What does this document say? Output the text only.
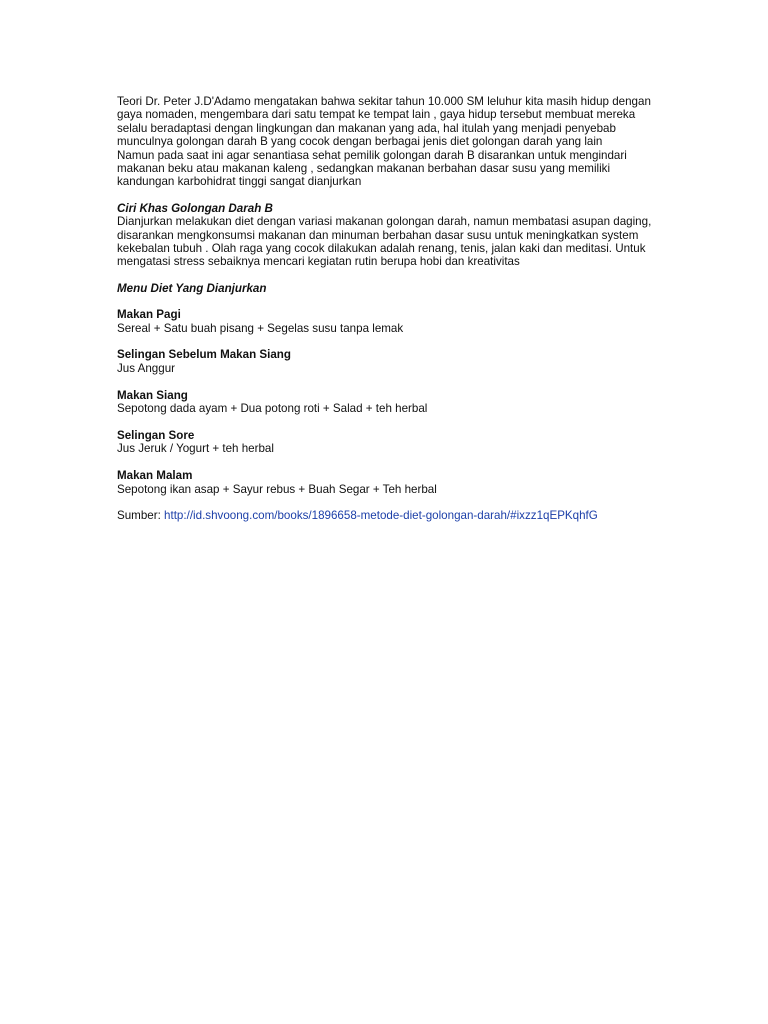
Teori Dr. Peter J.D'Adamo mengatakan bahwa sekitar tahun 10.000 SM leluhur kita masih hidup dengan gaya nomaden, mengembara dari satu tempat ke tempat lain , gaya hidup tersebut membuat mereka selalu beradaptasi dengan lingkungan dan makanan yang ada, hal itulah yang menjadi penyebab munculnya golongan darah B yang cocok dengan berbagai jenis diet golongan darah yang lain

Namun pada saat ini agar senantiasa sehat pemilik golongan darah B disarankan untuk mengindari makanan beku atau makanan kaleng , sedangkan makanan berbahan dasar susu yang memiliki kandungan karbohidrat tinggi sangat dianjurkan

Ciri Khas Golongan Darah B

Dianjurkan melakukan diet dengan variasi makanan golongan darah, namun membatasi asupan daging, disarankan mengkonsumsi makanan dan minuman berbahan dasar susu untuk meningkatkan system kekebalan tubuh . Olah raga yang cocok dilakukan adalah renang, tenis, jalan kaki dan meditasi. Untuk mengatasi stress sebaiknya mencari kegiatan rutin berupa hobi dan kreativitas

Menu Diet Yang Dianjurkan

Makan Pagi

Sereal + Satu buah pisang + Segelas susu tanpa lemak

Selingan Sebelum Makan Siang

Jus Anggur

Makan Siang

Sepotong dada ayam + Dua potong roti + Salad + teh herbal

Selingan Sore

Jus Jeruk / Yogurt + teh herbal

Makan Malam

Sepotong ikan asap + Sayur rebus + Buah Segar + Teh herbal

Sumber: http://id.shvoong.com/books/1896658-metode-diet-golongan-darah/#ixzz1qEPKqhfG
